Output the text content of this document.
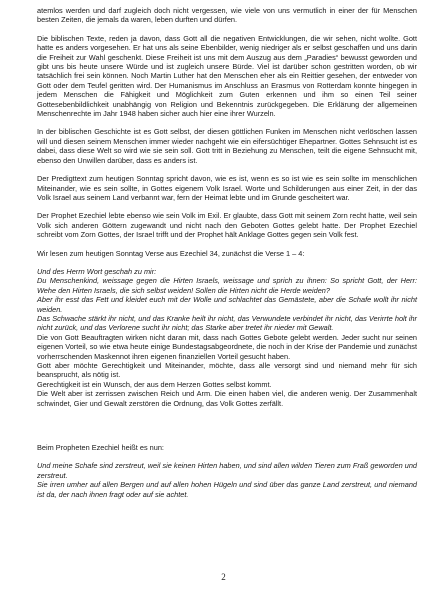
atemlos werden und darf zugleich doch nicht vergessen, wie viele von uns vermutlich in einer der für Menschen besten Zeiten, die jemals da waren, leben durften und dürfen.

Die biblischen Texte, reden ja davon, dass Gott all die negativen Entwicklungen, die wir sehen, nicht wollte. Gott hatte es anders vorgesehen. Er hat uns als seine Ebenbilder, wenig niedriger als er selbst geschaffen und uns darin die Freiheit zur Wahl geschenkt. Diese Freiheit ist uns mit dem Auszug aus dem „Paradies“ bewusst geworden und gibt uns bis heute unsere Würde und ist zugleich unsere Bürde. Viel ist darüber schon gestritten worden, ob wir tatsächlich frei sein können. Noch Martin Luther hat den Menschen eher als ein Reittier gesehen, der entweder von Gott oder dem Teufel geritten wird. Der Humanismus im Anschluss an Erasmus von Rotterdam konnte hingegen in jedem Menschen die Fähigkeit und Möglichkeit zum Guten erkennen und ihm so einen Teil seiner Gottesebenbildlichkeit unabhängig von Religion und Bekenntnis zurückgegeben. Die Erklärung der allgemeinen Menschenrechte im Jahr 1948 haben sicher auch hier eine ihrer Wurzeln.

In der biblischen Geschichte ist es Gott selbst, der diesen göttlichen Funken im Menschen nicht verlöschen lassen will und diesen seinem Menschen immer wieder nachgeht wie ein eifersüchtiger Ehepartner. Gottes Sehnsucht ist es dabei, dass diese Welt so wird wie sie sein soll. Gott tritt in Beziehung zu Menschen, teilt die eigene Sehnsucht mit, ebenso den Unwillen darüber, dass es anders ist.

Der Predigttext zum heutigen Sonntag spricht davon, wie es ist, wenn es so ist wie es sein sollte im menschlichen Miteinander, wie es sein sollte, in Gottes eigenem Volk Israel. Worte und Schilderungen aus einer Zeit, in der das Volk Israel aus seinem Land verbannt war, fern der Heimat lebte und im Grunde gescheitert war.

Der Prophet Ezechiel lebte ebenso wie sein Volk im Exil. Er glaubte, dass Gott mit seinem Zorn recht hatte, weil sein Volk sich anderen Göttern zugewandt und nicht nach den Geboten Gottes gelebt hatte. Der Prophet Ezechiel schreibt vom Zorn Gottes, der Israel trifft und der Prophet hält Anklage Gottes gegen sein Volk fest.

Wir lesen zum heutigen Sonntag Verse aus Ezechiel 34, zunächst die Verse 1 – 4:

Und des Herrn Wort geschah zu mir:

Du Menschenkind, weissage gegen die Hirten Israels, weissage und sprich zu ihnen: So spricht Gott, der Herr: Wehe den Hirten Israels, die sich selbst weiden! Sollen die Hirten nicht die Herde weiden?

Aber ihr esst das Fett und kleidet euch mit der Wolle und schlachtet das Gemästete, aber die Schafe wollt ihr nicht weiden.

Das Schwache stärkt ihr nicht, und das Kranke heilt ihr nicht, das Verwundete verbindet ihr nicht, das Verirrte holt ihr nicht zurück, und das Verlorene sucht ihr nicht; das Starke aber tretet ihr nieder mit Gewalt.

Die von Gott Beauftragten wirken nicht daran mit, dass nach Gottes Gebote gelebt werden. Jeder sucht nur seinen eigenen Vorteil, so wie etwa heute einige Bundestagsabgeordnete, die noch in der Krise der Pandemie und zunächst vorherrschenden Maskennot ihren eigenen finanziellen Vorteil gesucht haben.

Gott aber möchte Gerechtigkeit und Miteinander, möchte, dass alle versorgt sind und niemand mehr für sich beansprucht, als nötig ist.

Gerechtigkeit ist ein Wunsch, der aus dem Herzen Gottes selbst kommt.

Die Welt aber ist zerrissen zwischen Reich und Arm. Die einen haben viel, die anderen wenig. Der Zusammenhalt schwindet, Gier und Gewalt zerstören die Ordnung, das Volk Gottes zerfällt.

Beim Propheten Ezechiel heißt es nun:

Und meine Schafe sind zerstreut, weil sie keinen Hirten haben, und sind allen wilden Tieren zum Fraß geworden und zerstreut.

Sie irren umher auf allen Bergen und auf allen hohen Hügeln und sind über das ganze Land zerstreut, und niemand ist da, der nach ihnen fragt oder auf sie achtet.

2
